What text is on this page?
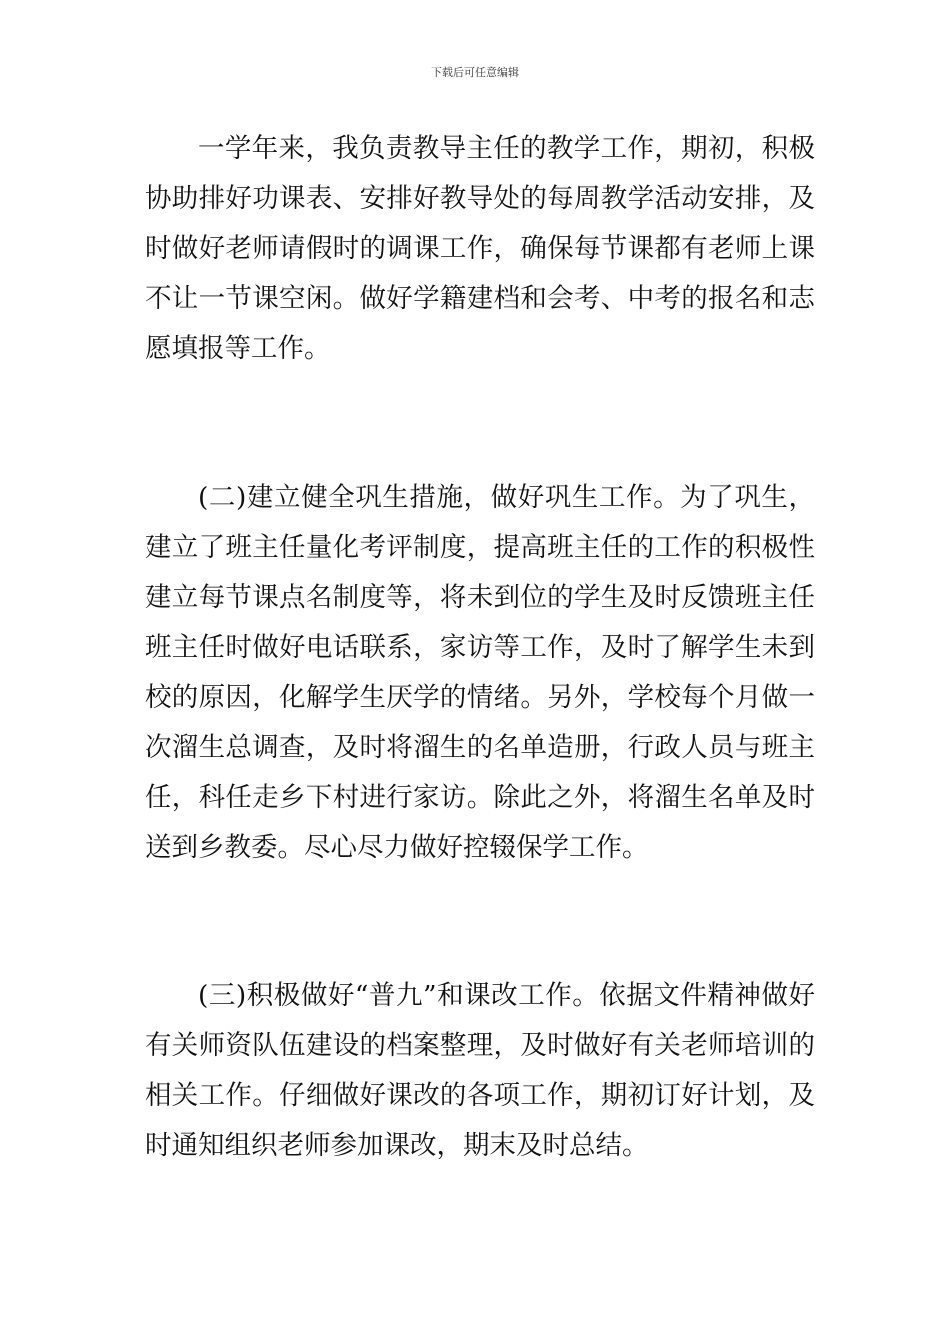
下载后可任意编辑

一学年来，我负责教导主任的教学工作，期初，积极协助排好功课表、安排好教导处的每周教学活动安排，及时做好老师请假时的调课工作，确保每节课都有老师上课不让一节课空闲。做好学籍建档和会考、中考的报名和志愿填报等工作。

(二)建立健全巩生措施，做好巩生工作。为了巩生，建立了班主任量化考评制度，提高班主任的工作的积极性建立每节课点名制度等，将未到位的学生及时反馈班主任班主任时做好电话联系，家访等工作，及时了解学生未到校的原因，化解学生厌学的情绪。另外，学校每个月做一次溜生总调查，及时将溜生的名单造册，行政人员与班主任，科任走乡下村进行家访。除此之外，将溜生名单及时送到乡教委。尽心尽力做好控辍保学工作。

(三)积极做好“普九”和课改工作。依据文件精神做好有关师资队伍建设的档案整理，及时做好有关老师培训的相关工作。仔细做好课改的各项工作，期初订好计划，及时通知组织老师参加课改，期末及时总结。
